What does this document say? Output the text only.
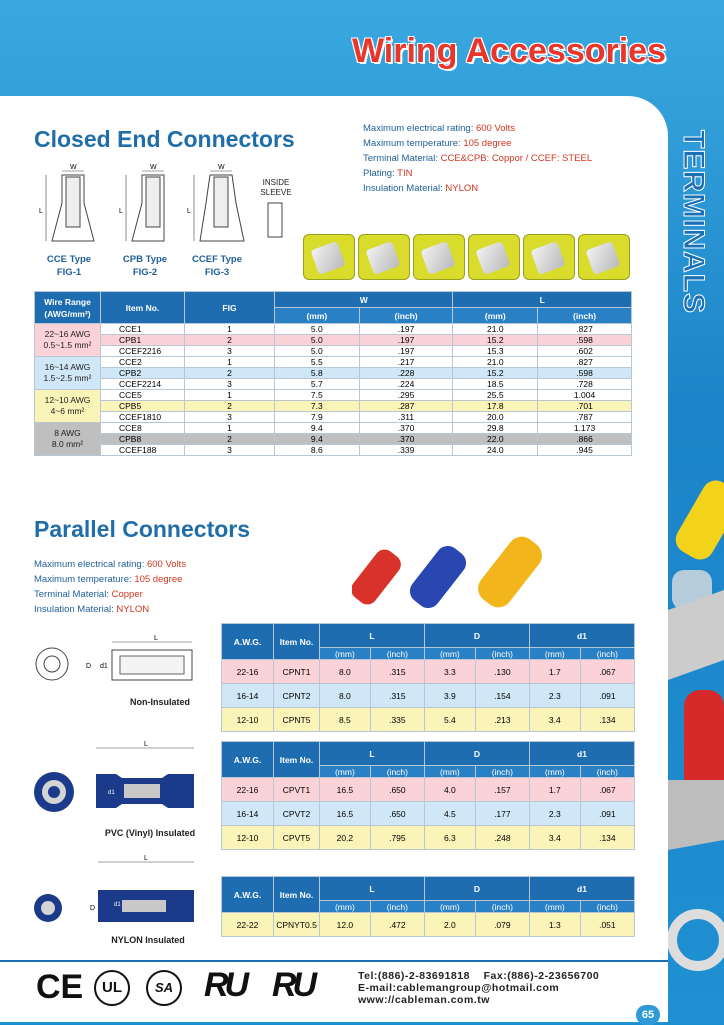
Wiring Accessories
TERMINALS
Closed End Connectors	Maximum electrical rating: 600 Volts
Maximum temperature: 105 degree
Terminal Material: CCE&CPB: Coppor / CCEF: STEEL
Plating: TIN
Insulation Material: NYLON
W	W	W
L	L	L
INSIDE SLEEVE
CCE Type
FIG-1
CPB Type
FIG-2
CCEF Type
FIG-3
Wire Range (AWG/mm²)	Item No.	FIG	W		L	
			(mm)	(inch)	(mm)	(inch)

22~16 AWG
0.5~1.5 mm²	CCE1	1	5.0	.197	21.0	.827
	CPB1	2	5.0	.197	15.2	.598
	CCEF2216	3	5.0	.197	15.3	.602

16~14 AWG
1.5~2.5 mm²	CCE2	1	5.5	.217	21.0	.827
	CPB2	2	5.8	.228	15.2	.598
	CCEF2214	3	5.7	.224	18.5	.728

12~10 AWG
4~6 mm²	CCE5	1	7.5	.295	25.5	1.004
	CPB5	2	7.3	.287	17.8	.701
	CCEF1810	3	7.9	.311	20.0	.787

8 AWG
8.0 mm²	CCE8	1	9.4	.370	29.8	1.173
	CPB8	2	9.4	.370	22.0	.866
	CCEF188	3	8.6	.339	24.0	.945
Parallel Connectors
Maximum electrical rating: 600 Volts
Maximum temperature: 105 degree
Terminal Material: Copper
Insulation Material: NYLON
L
D d1
Non-Insulated
L
d1
PVC (Vinyl) Insulated
L
D	d1
NYLON Insulated
A.W.G.	Item No.	L		D		d1	
		(mm)	(inch)	(mm)	(inch)	(mm)	(inch)
22-16	CPNT1	8.0	.315	3.3	.130	1.7	.067
16-14	CPNT2	8.0	.315	3.9	.154	2.3	.091
12-10	CPNT5	8.5	.335	5.4	.213	3.4	.134
A.W.G.	Item No.	L		D		d1	
		(mm)	(inch)	(mm)	(inch)	(mm)	(inch)
22-16	CPVT1	16.5	.650	4.0	.157	1.7	.067
16-14	CPVT2	16.5	.650	4.5	.177	2.3	.091
12-10	CPVT5	20.2	.795	6.3	.248	3.4	.134
A.W.G.	Item No.	L		D		d1	
		(mm)	(inch)	(mm)	(inch)	(mm)	(inch)
22-22	CPNYT0.5	12.0	.472	2.0	.079	1.3	.051
CE	UL	SA RU RU	Tel:(886)-2-83691818 Fax:(886)-2-23656700
E-mail:cablemangroup@hotmail.com
www://cableman.com.tw
65
